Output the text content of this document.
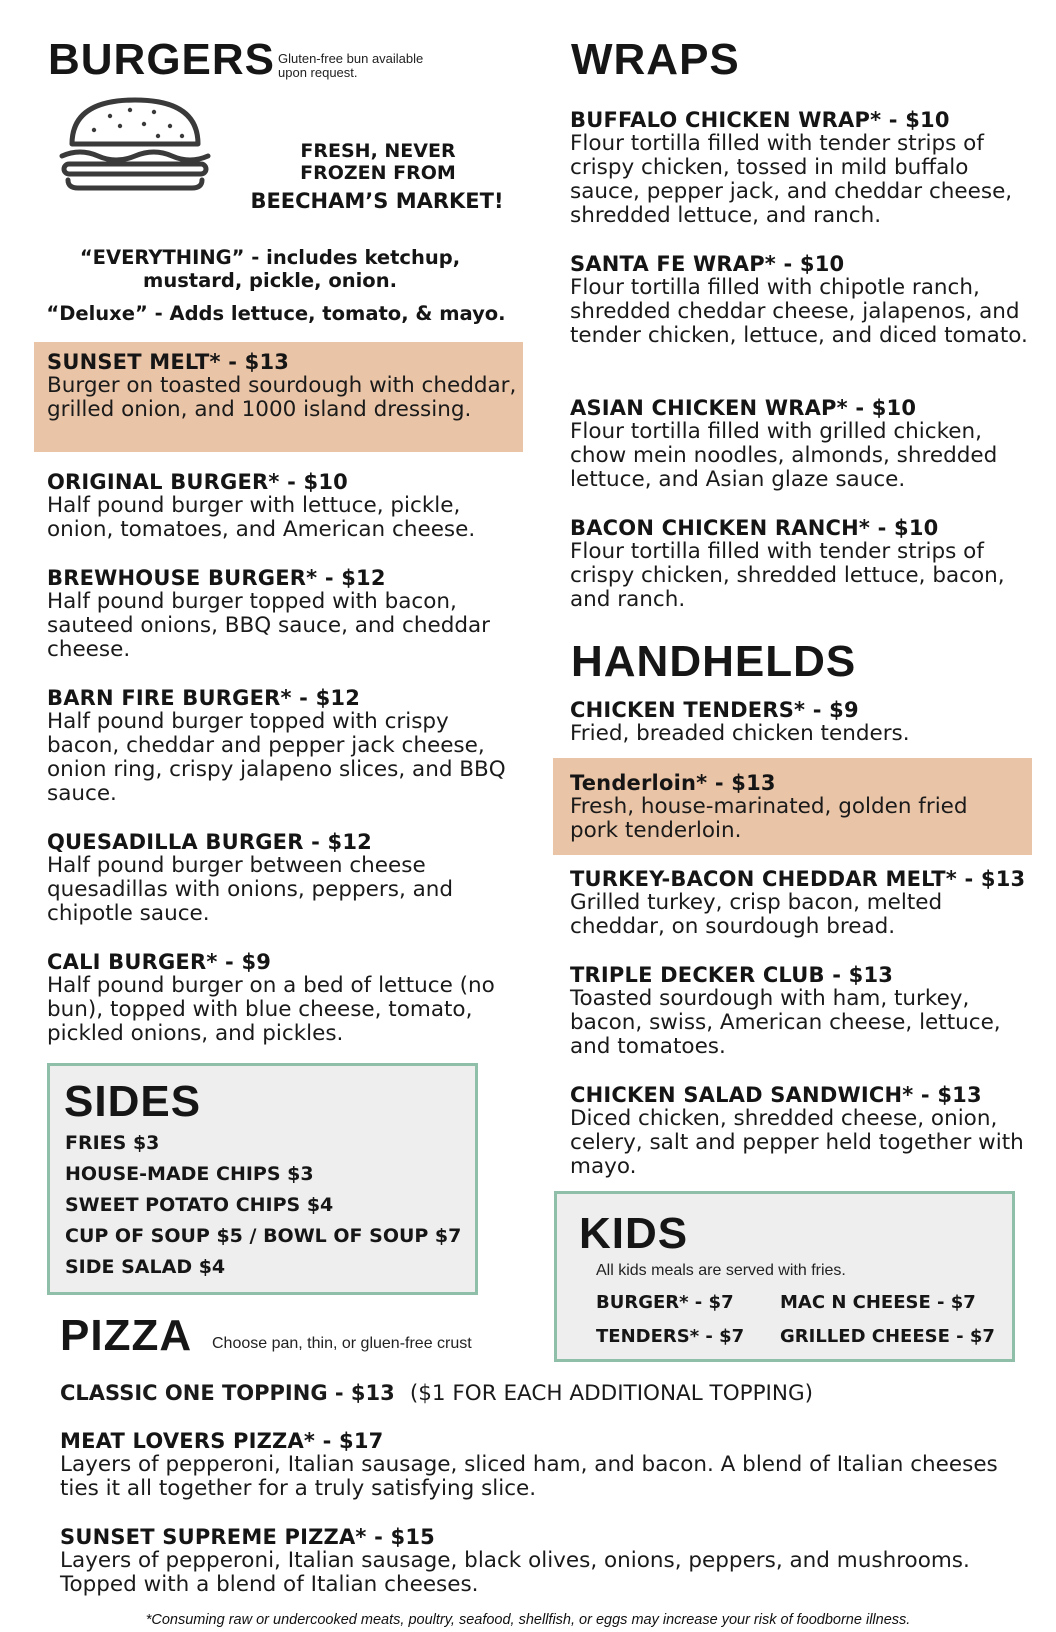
BURGERS Gluten-free bun available upon request.
FRESH, NEVER FROZEN FROM
BEECHAM’S MARKET!
“EVERYTHING” - includes ketchup, mustard, pickle, onion.
“Deluxe” - Adds lettuce, tomato, & mayo.
SUNSET MELT* - $13
Burger on toasted sourdough with cheddar, grilled onion, and 1000 island dressing.
ORIGINAL BURGER* - $10
Half pound burger with lettuce, pickle, onion, tomatoes, and American cheese.
BREWHOUSE BURGER* - $12
Half pound burger topped with bacon, sauteed onions, BBQ sauce, and cheddar cheese.
BARN FIRE BURGER* - $12
Half pound burger topped with crispy bacon, cheddar and pepper jack cheese, onion ring, crispy jalapeno slices, and BBQ sauce.
QUESADILLA BURGER - $12
Half pound burger between cheese quesadillas with onions, peppers, and chipotle sauce.
CALI BURGER* - $9
Half pound burger on a bed of lettuce (no bun), topped with blue cheese, tomato, pickled onions, and pickles.
SIDES
FRIES $3
HOUSE-MADE CHIPS $3
SWEET POTATO CHIPS $4
CUP OF SOUP $5 / BOWL OF SOUP $7
SIDE SALAD $4
WRAPS
BUFFALO CHICKEN WRAP* - $10
Flour tortilla filled with tender strips of crispy chicken, tossed in mild buffalo sauce, pepper jack, and cheddar cheese, shredded lettuce, and ranch.
SANTA FE WRAP* - $10
Flour tortilla filled with chipotle ranch, shredded cheddar cheese, jalapenos, and tender chicken, lettuce, and diced tomato.
ASIAN CHICKEN WRAP* - $10
Flour tortilla filled with grilled chicken, chow mein noodles, almonds, shredded lettuce, and Asian glaze sauce.
BACON CHICKEN RANCH* - $10
Flour tortilla filled with tender strips of crispy chicken, shredded lettuce, bacon, and ranch.
HANDHELDS
CHICKEN TENDERS* - $9
Fried, breaded chicken tenders.
Tenderloin* - $13
Fresh, house-marinated, golden fried pork tenderloin.
TURKEY-BACON CHEDDAR MELT* - $13
Grilled turkey, crisp bacon, melted cheddar, on sourdough bread.
TRIPLE DECKER CLUB - $13
Toasted sourdough with ham, turkey, bacon, swiss, American cheese, lettuce, and tomatoes.
CHICKEN SALAD SANDWICH* - $13
Diced chicken, shredded cheese, onion, celery, salt and pepper held together with mayo.
KIDS
All kids meals are served with fries.
BURGER* - $7	MAC N CHEESE - $7
TENDERS* - $7	GRILLED CHEESE - $7
PIZZA Choose pan, thin, or gluen-free crust
CLASSIC ONE TOPPING - $13 ($1 FOR EACH ADDITIONAL TOPPING)
MEAT LOVERS PIZZA* - $17
Layers of pepperoni, Italian sausage, sliced ham, and bacon. A blend of Italian cheeses ties it all together for a truly satisfying slice.
SUNSET SUPREME PIZZA* - $15
Layers of pepperoni, Italian sausage, black olives, onions, peppers, and mushrooms. Topped with a blend of Italian cheeses.
*Consuming raw or undercooked meats, poultry, seafood, shellfish, or eggs may increase your risk of foodborne illness.
